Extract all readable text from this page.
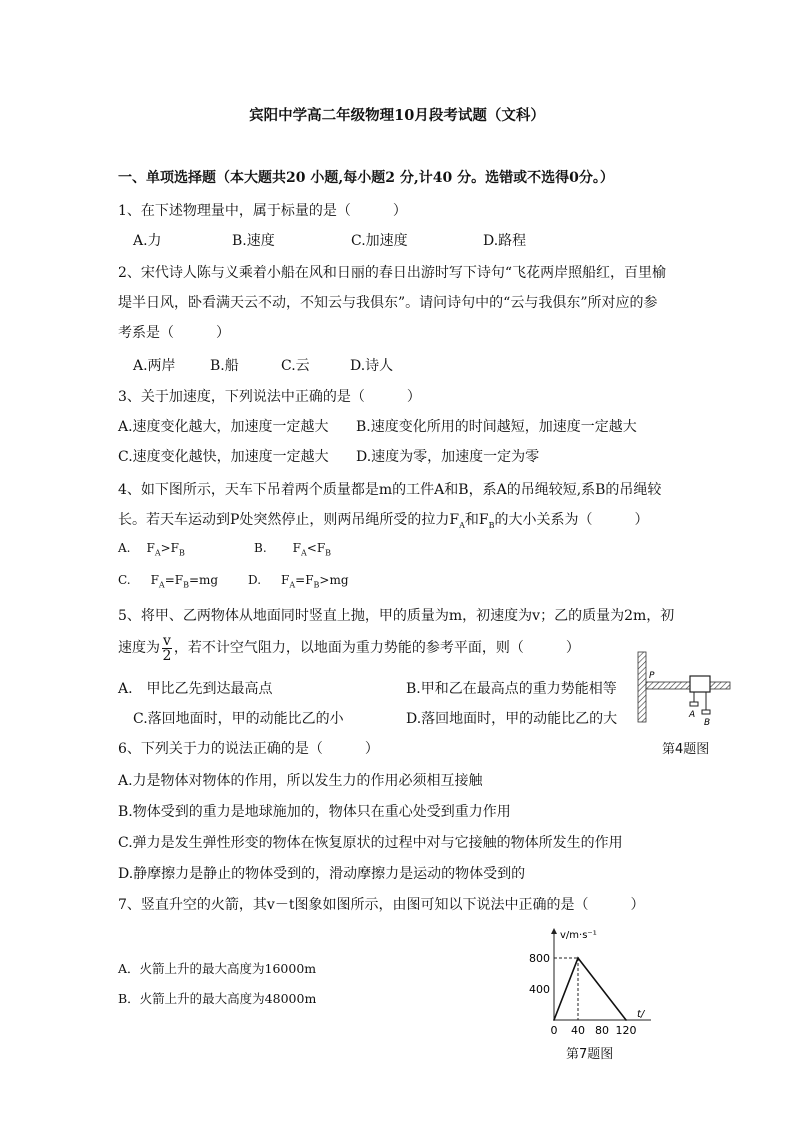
宾阳中学高二年级物理10月段考试题（文科）
一、单项选择题（本大题共20 小题,每小题2 分,计40 分。选错或不选得0分。）
1、在下述物理量中，属于标量的是（　　　）
A.力	B.速度	C.加速度	D.路程
2、宋代诗人陈与义乘着小船在风和日丽的春日出游时写下诗句“飞花两岸照船红，百里榆
堤半日风，卧看满天云不动，不知云与我俱东”。请问诗句中的“云与我俱东”所对应的参
考系是（　　　）
A.两岸 B.船	C.云	D.诗人
3、关于加速度，下列说法中正确的是（　　　）
A.速度变化越大，加速度一定越大 B.速度变化所用的时间越短，加速度一定越大
C.速度变化越快，加速度一定越大 D.速度为零，加速度一定为零
4、如下图所示，天车下吊着两个质量都是m的工件A和B，系A的吊绳较短,系B的吊绳较
长。若天车运动到P处突然停止，则两吊绳所受的拉力$F_A$和$F_B$的大小关系为（　　　）
A. $F_A>F_B$	B. $F_A<F_B$
C. $F_A=F_B=mg$ D. $F_A=F_B>mg$
5、将甲、乙两物体从地面同时竖直上抛，甲的质量为m，初速度为v；乙的质量为2m，初
速度为 $\frac{v}{2}$ ，若不计空气阻力，以地面为重力势能的参考平面，则（　　　）
A.　甲比乙先到达最高点	B.甲和乙在最高点的重力势能相等
C.落回地面时，甲的动能比乙的小	D.落回地面时，甲的动能比乙的大
P
A
B
第4题图
6、下列关于力的说法正确的是（　　　）
A.力是物体对物体的作用，所以发生力的作用必须相互接触
B.物体受到的重力是地球施加的，物体只在重心处受到重力作用
C.弹力是发生弹性形变的物体在恢复原状的过程中对与它接触的物体所发生的作用
D.静摩擦力是静止的物体受到的，滑动摩擦力是运动的物体受到的
7、竖直升空的火箭，其v－t图象如图所示，由图可知以下说法中正确的是（　　　）
A．火箭上升的最大高度为16000m
B．火箭上升的最大高度为48000m
v/m·s⁻¹
t/
400
800
0 40 80 120
第7题图
